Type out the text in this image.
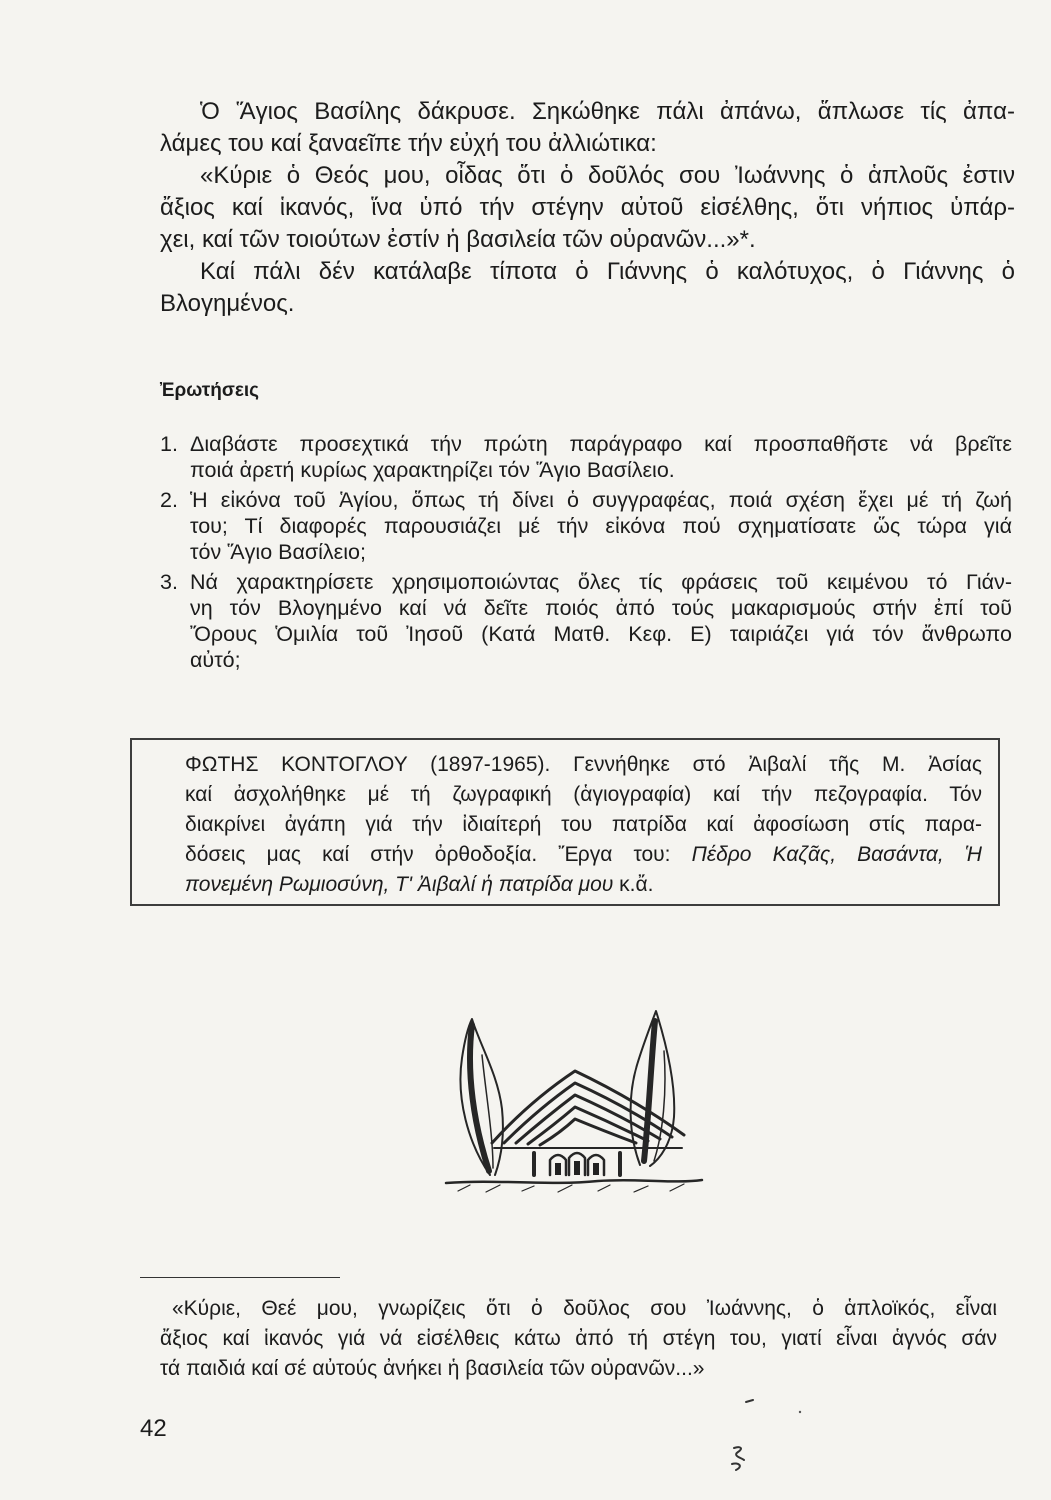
Ὁ Ἅγιος Βασίλης δάκρυσε. Σηκώθηκε πάλι ἀπάνω, ἅπλωσε τίς ἀπα-
λάμες του καί ξαναεῖπε τήν εὐχή του ἀλλιώτικα:
«Κύριε ὁ Θεός μου, οἶδας ὅτι ὁ δοῦλός σου Ἰωάννης ὁ ἁπλοῦς ἐστιν
ἄξιος καί ἱκανός, ἵνα ὑπό τήν στέγην αὐτοῦ εἰσέλθης, ὅτι νήπιος ὑπάρ-
χει, καί τῶν τοιούτων ἐστίν ἡ βασιλεία τῶν οὐρανῶν...»*.
Καί πάλι δέν κατάλαβε τίποτα ὁ Γιάννης ὁ καλότυχος, ὁ Γιάννης ὁ
Βλογημένος.
Ἐρωτήσεις
1. Διαβάστε προσεχτικά τήν πρώτη παράγραφο καί προσπαθῆστε νά βρεῖτε
ποιά ἀρετή κυρίως χαρακτηρίζει τόν Ἅγιο Βασίλειο.
2. Ἡ εἰκόνα τοῦ Ἁγίου, ὅπως τή δίνει ὁ συγγραφέας, ποιά σχέση ἔχει μέ τή ζωή
του; Τί διαφορές παρουσιάζει μέ τήν εἰκόνα πού σχηματίσατε ὥς τώρα γιά
τόν Ἅγιο Βασίλειο;
3. Νά χαρακτηρίσετε χρησιμοποιώντας ὅλες τίς φράσεις τοῦ κειμένου τό Γιάν-
νη τόν Βλογημένο καί νά δεῖτε ποιός ἀπό τούς μακαρισμούς στήν ἐπί τοῦ
Ὄρους Ὁμιλία τοῦ Ἰησοῦ (Κατά Ματθ. Κεφ. Ε) ταιριάζει γιά τόν ἄνθρωπο
αὐτό;
ΦΩΤΗΣ ΚΟΝΤΟΓΛΟΥ (1897-1965). Γεννήθηκε στό Ἀιβαλί τῆς Μ. Ἀσίας
καί ἀσχολήθηκε μέ τή ζωγραφική (ἁγιογραφία) καί τήν πεζογραφία. Τόν
διακρίνει ἀγάπη γιά τήν ἰδιαίτερή του πατρίδα καί ἀφοσίωση στίς παρα-
δόσεις μας καί στήν ὀρθοδοξία. Ἔργα του: Πέδρο Καζᾶς, Βασάντα, Ἡ
πονεμένη Ρωμιοσύνη, Τ' Ἀιβαλί ἡ πατρίδα μου κ.ἄ.
«Κύριε, Θεέ μου, γνωρίζεις ὅτι ὁ δοῦλος σου Ἰωάννης, ὁ ἁπλοϊκός, εἶναι
ἄξιος καί ἱκανός γιά νά εἰσέλθεις κάτω ἀπό τή στέγη του, γιατί εἶναι ἁγνός σάν
τά παιδιά καί σέ αὐτούς ἀνήκει ἡ βασιλεία τῶν οὐρανῶν...»
42
